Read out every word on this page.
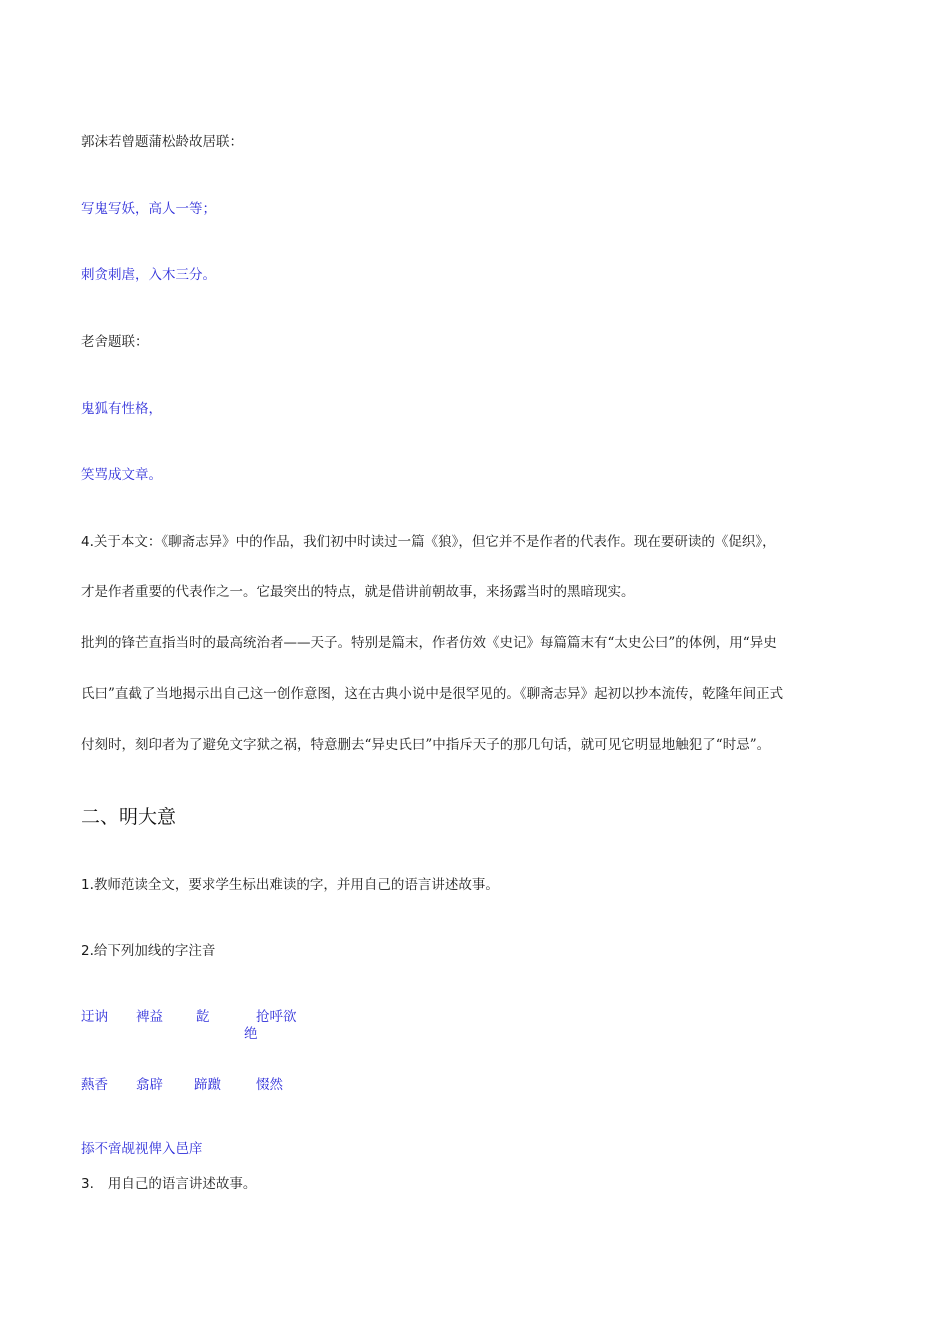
郭沫若曾题蒲松龄故居联：
写鬼写妖，高人一等；
刺贪刺虐，入木三分。
老舍题联：
鬼狐有性格，
笑骂成文章。
4.关于本文：《聊斋志异》中的作品，我们初中时读过一篇《狼》，但它并不是作者的代表作。现在要研读的《促织》，
才是作者重要的代表作之一。它最突出的特点，就是借讲前朝故事，来扬露当时的黑暗现实。
批判的锋芒直指当时的最高统治者——天子。特别是篇末，作者仿效《史记》每篇篇末有“太史公曰”的体例，用“异史
氏曰”直截了当地揭示出自己这一创作意图，这在古典小说中是很罕见的。《聊斋志异》起初以抄本流传，乾隆年间正式
付刻时，刻印者为了避免文字狱之祸，特意删去“异史氏曰”中指斥天子的那几句话，就可见它明显地触犯了“时忌”。
二、明大意
1.教师范读全文，要求学生标出难读的字，并用自己的语言讲述故事。
2.给下列加线的字注音
迂讷 裨益 龁	抢呼欲
绝
爇香 翕辟 蹄躈	惙然
掭不啻觇视俾入邑庠
3. 用自己的语言讲述故事。
